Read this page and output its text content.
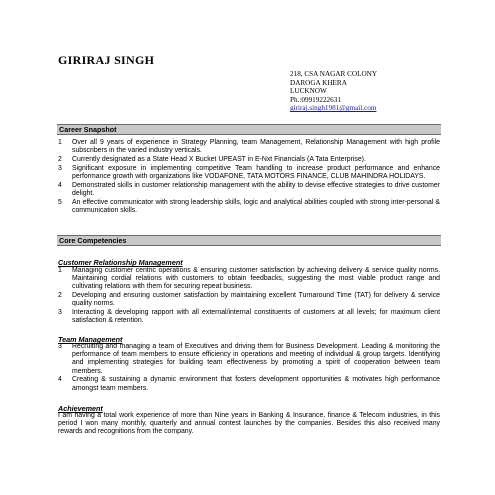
GIRIRAJ SINGH
218, CSA NAGAR COLONY
DAROGA KHERA
LUCKNOW
Ph.:09919222631
giriraj.singh1981@gmail.com
Career Snapshot
1	Over all 9 years of experience in Strategy Planning, team Management, Relationship Management with high profile subscribers in the varied industry verticals.
2	Currently designated as a State Head X Bucket UPEAST in E-Nxt Financials (A Tata Enterprise).
3	Significant exposure in implementing competitive Team handling to increase product performance and enhance performance growth with organizations like VODAFONE, TATA MOTORS FINANCE, CLUB MAHINDRA HOLIDAYS.
4	Demonstrated skills in customer relationship management with the ability to devise effective strategies to drive customer delight.
5	An effective communicator with strong leadership skills, logic and analytical abilities coupled with strong inter-personal & communication skills.
Core Competencies
Customer Relationship Management
1	Managing customer centric operations & ensuring customer satisfaction by achieving delivery & service quality norms. Maintaining cordial relations with customers to obtain feedbacks, suggesting the most viable product range and cultivating relations with them for securing repeat business.
2	Developing and ensuring customer satisfaction by maintaining excellent Turnaround Time (TAT) for delivery & service quality norms.
3	Interacting & developing rapport with all external/internal constituents of customers at all levels; for maximum client satisfaction & retention.
Team Management
3	Recruiting and managing a team of Executives and driving them for Business Development. Leading & monitoring the performance of team members to ensure efficiency in operations and meeting of individual & group targets. Identifying and implementing strategies for building team effectiveness by promoting a spirit of cooperation between team members.
4	Creating & sustaining a dynamic environment that fosters development opportunities & motivates high performance amongst team members.
Achievement
I am having a total work experience of more than Nine years in Banking & Insurance, finance & Telecom industries, in this period I won many monthly, quarterly and annual contest launches by the companies. Besides this also received many rewards and recognitions from the company.
